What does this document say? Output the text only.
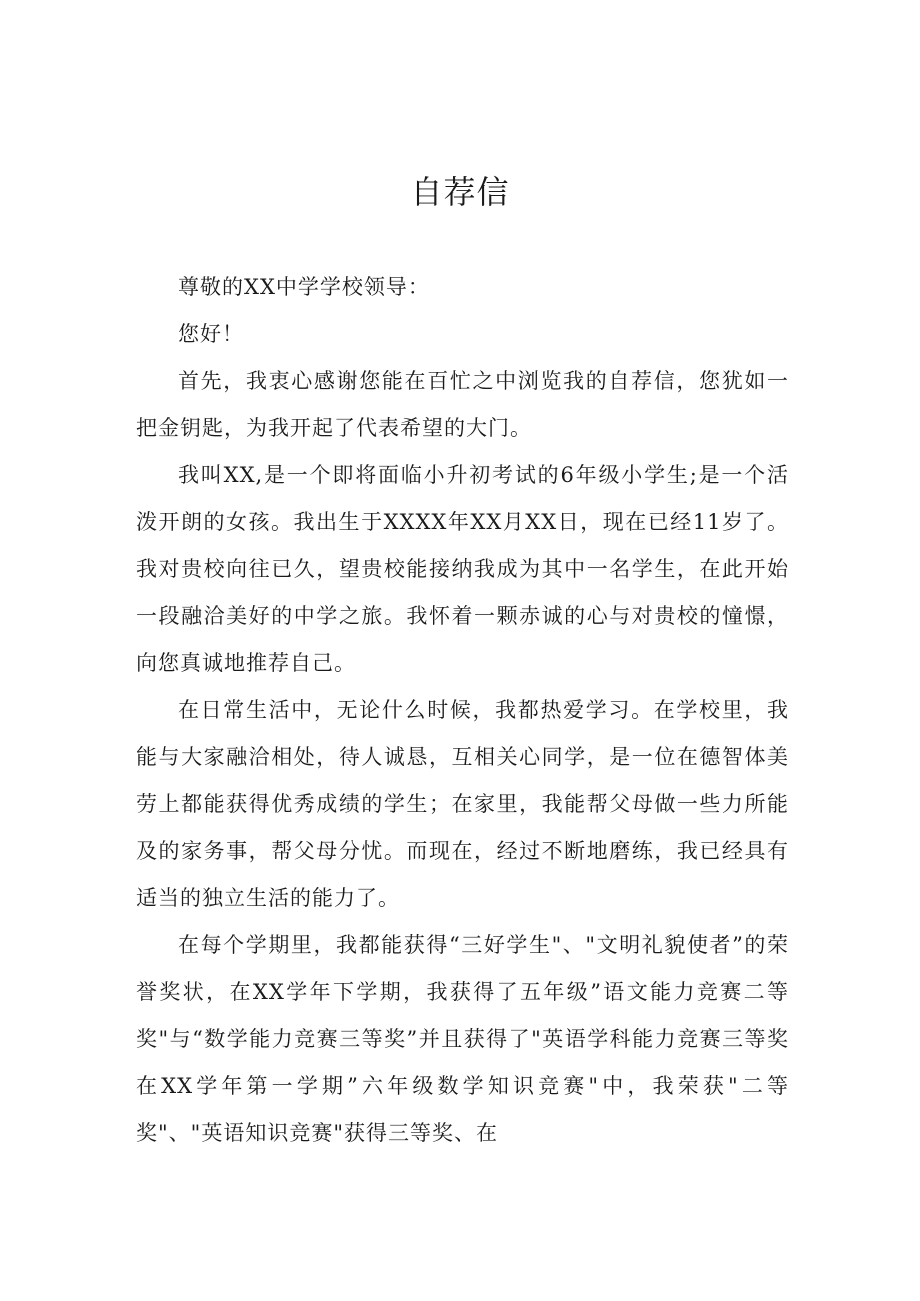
自荐信

尊敬的XX中学学校领导：

您好！

首先，我衷心感谢您能在百忙之中浏览我的自荐信，您犹如一把金钥匙，为我开起了代表希望的大门。

我叫XX,是一个即将面临小升初考试的6年级小学生;是一个活泼开朗的女孩。我出生于XXXX年XX月XX日，现在已经11岁了。我对贵校向往已久，望贵校能接纳我成为其中一名学生，在此开始一段融洽美好的中学之旅。我怀着一颗赤诚的心与对贵校的憧憬，向您真诚地推荐自己。

在日常生活中，无论什么时候，我都热爱学习。在学校里，我能与大家融洽相处，待人诚恳，互相关心同学，是一位在德智体美劳上都能获得优秀成绩的学生；在家里，我能帮父母做一些力所能及的家务事，帮父母分忧。而现在，经过不断地磨练，我已经具有适当的独立生活的能力了。

在每个学期里，我都能获得“三好学生"、"文明礼貌使者”的荣誉奖状，在XX学年下学期，我获得了五年级”语文能力竞赛二等奖"与“数学能力竞赛三等奖”并且获得了"英语学科能力竞赛三等奖在XX学年第一学期”六年级数学知识竞赛"中，我荣获"二等奖"、"英语知识竞赛"获得三等奖、在
